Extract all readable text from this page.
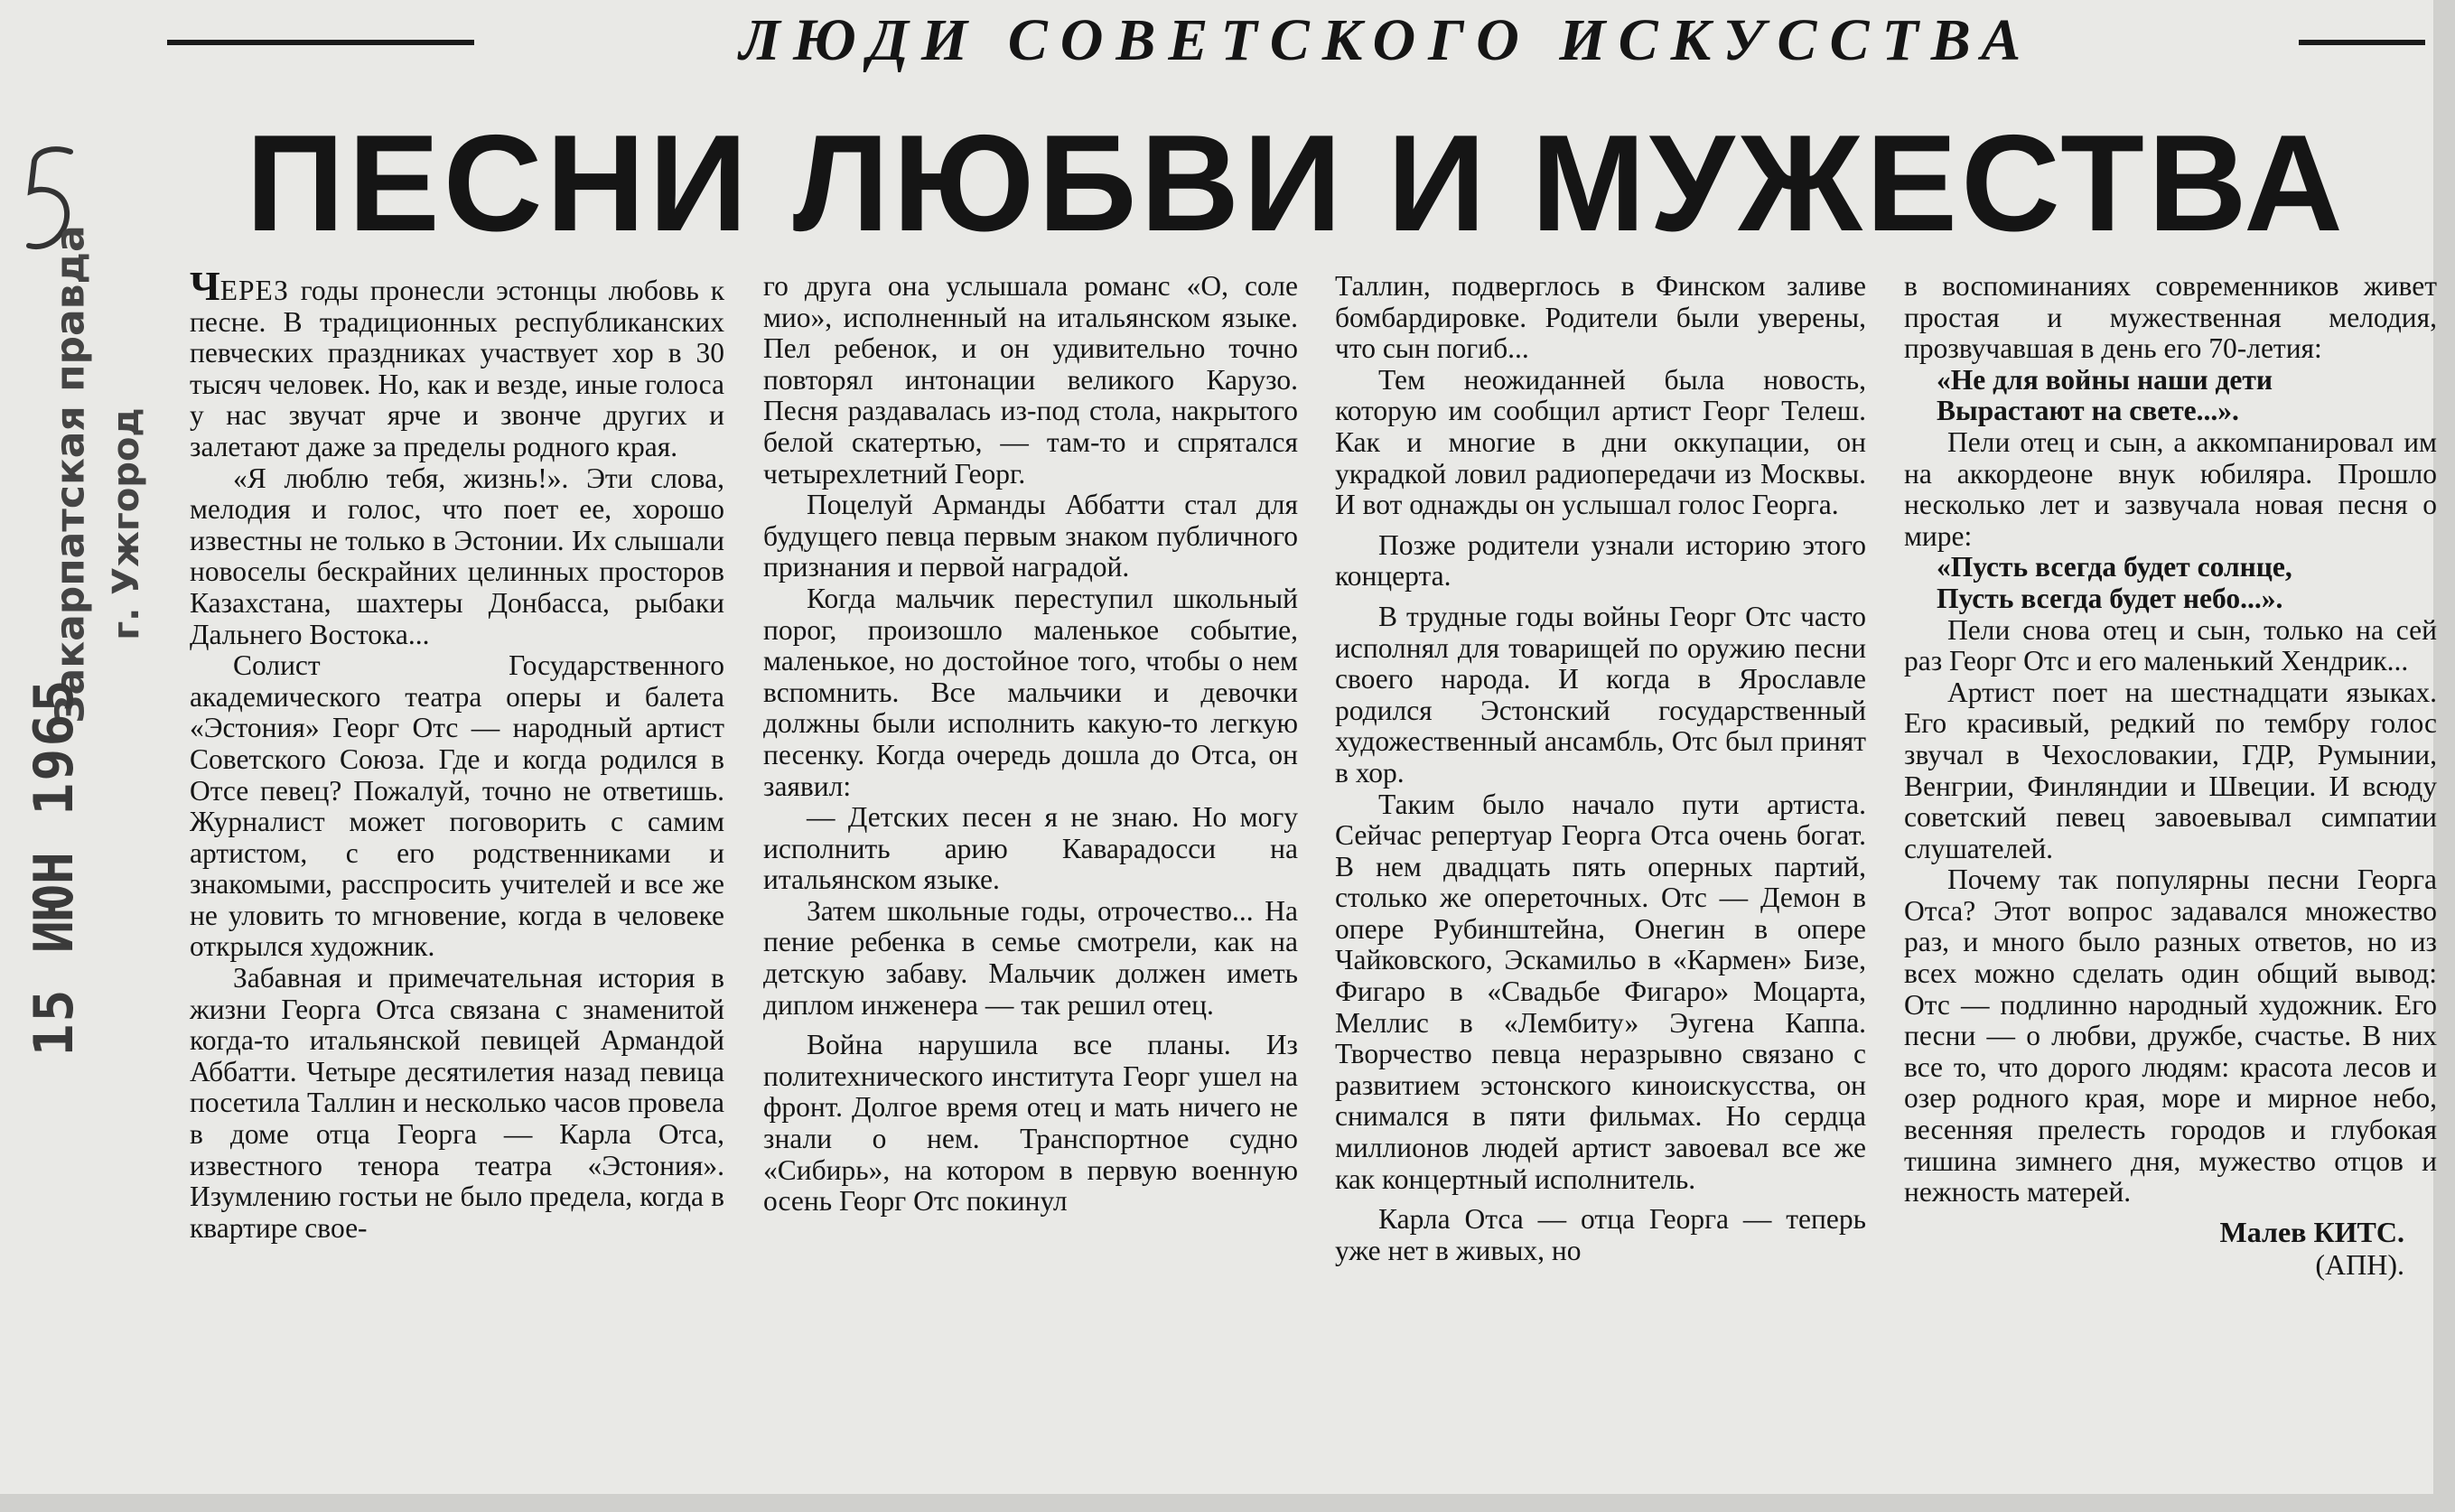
Закарпатская правда г. Ужгород
15 ИЮН 1965
ЛЮДИ СОВЕТСКОГО ИСКУССТВА
ПЕСНИ ЛЮБВИ И МУЖЕСТВА

ЧЕРЕЗ годы пронесли эстонцы любовь к песне. В традиционных республиканских певческих праздниках участвует хор в 30 тысяч человек. Но, как и везде, иные голоса у нас звучат ярче и звонче других и залетают даже за пределы родного края.

«Я люблю тебя, жизнь!». Эти слова, мелодия и голос, что поет ее, хорошо известны не только в Эстонии. Их слышали новоселы бескрайних целинных просторов Казахстана, шахтеры Донбасса, рыбаки Дальнего Востока...

Солист Государственного академического театра оперы и балета «Эстония» Георг Отс — народный артист Советского Союза. Где и когда родился в Отсе певец? Пожалуй, точно не ответишь. Журналист может поговорить с самим артистом, с его родственниками и знакомыми, расспросить учителей и все же не уловить то мгновение, когда в человеке открылся художник.

Забавная и примечательная история в жизни Георга Отса связана с знаменитой когда-то итальянской певицей Армандой Аббатти. Четыре десятилетия назад певица посетила Таллин и несколько часов провела в доме отца Георга — Карла Отса, известного тенора театра «Эстония». Изумлению гостьи не было предела, когда в квартире свое-

го друга она услышала романс «О, соле мио», исполненный на итальянском языке. Пел ребенок, и он удивительно точно повторял интонации великого Карузо. Песня раздавалась из-под стола, накрытого белой скатертью, — там-то и спрятался четырехлетний Георг.

Поцелуй Арманды Аббатти стал для будущего певца первым знаком публичного признания и первой наградой.

Когда мальчик переступил школьный порог, произошло маленькое событие, маленькое, но достойное того, чтобы о нем вспомнить. Все мальчики и девочки должны были исполнить какую-то легкую песенку. Когда очередь дошла до Отса, он заявил:

— Детских песен я не знаю. Но могу исполнить арию Каварадосси на итальянском языке.

Затем школьные годы, отрочество... На пение ребенка в семье смотрели, как на детскую забаву. Мальчик должен иметь диплом инженера — так решил отец.

Война нарушила все планы. Из политехнического института Георг ушел на фронт. Долгое время отец и мать ничего не знали о нем. Транспортное судно «Сибирь», на котором в первую военную осень Георг Отс покинул

Таллин, подверглось в Финском заливе бомбардировке. Родители были уверены, что сын погиб...

Тем неожиданней была новость, которую им сообщил артист Георг Телеш. Как и многие в дни оккупации, он украдкой ловил радиопередачи из Москвы. И вот однажды он услышал голос Георга.

Позже родители узнали историю этого концерта.

В трудные годы войны Георг Отс часто исполнял для товарищей по оружию песни своего народа. И когда в Ярославле родился Эстонский государственный художественный ансамбль, Отс был принят в хор.

Таким было начало пути артиста. Сейчас репертуар Георга Отса очень богат. В нем двадцать пять оперных партий, столько же опереточных. Отс — Демон в опере Рубинштейна, Онегин в опере Чайковского, Эскамильо в «Кармен» Бизе, Фигаро в «Свадьбе Фигаро» Моцарта, Меллис в «Лембиту» Эугена Каппа. Творчество певца неразрывно связано с развитием эстонского киноискусства, он снимался в пяти фильмах. Но сердца миллионов людей артист завоевал все же как концертный исполнитель.

Карла Отса — отца Георга — теперь уже нет в живых, но

в воспоминаниях современников живет простая и мужественная мелодия, прозвучавшая в день его 70-летия:

«Не для войны наши дети

Вырастают на свете...».

Пели отец и сын, а аккомпанировал им на аккордеоне внук юбиляра. Прошло несколько лет и зазвучала новая песня о мире:

«Пусть всегда будет солнце,

Пусть всегда будет небо...».

Пели снова отец и сын, только на сей раз Георг Отс и его маленький Хендрик...

Артист поет на шестнадцати языках. Его красивый, редкий по тембру голос звучал в Чехословакии, ГДР, Румынии, Венгрии, Финляндии и Швеции. И всюду советский певец завоевывал симпатии слушателей.

Почему так популярны песни Георга Отса? Этот вопрос задавался множество раз, и много было разных ответов, но из всех можно сделать один общий вывод: Отс — подлинно народный художник. Его песни — о любви, дружбе, счастье. В них все то, что дорого людям: красота лесов и озер родного края, море и мирное небо, весенняя прелесть городов и глубокая тишина зимнего дня, мужество отцов и нежность матерей.

Малев КИТС.
(АПН).
